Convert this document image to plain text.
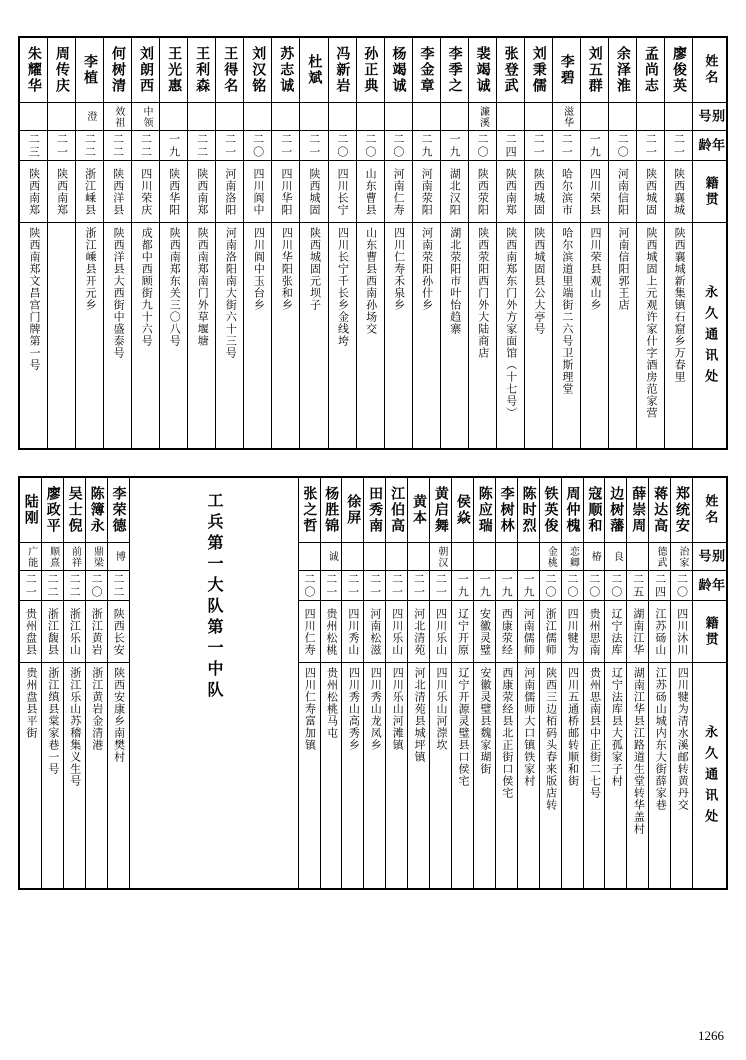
朱耀华
二三
陕西南郑
陕西南郑文昌宫门牌第一号
周传庆
二一
陕西南郑
李植
澄
二二
浙江嵊县
浙江嵊县开元乡
何树清
效祖
二二
陕西洋县
陕西洋县大西街中盛泰号
刘朗西
中领
二二
四川荣庆
成都中西顾街九十六号
王光惠
一九
陕西华阳
陕西南郑东关三〇八号
王利森
二二
陕西南郑
陕西南郑南门外草堰塘
王得名
二一
河南洛阳
河南洛阳南大街六十三号
刘汉铭
二〇
四川阆中
四川阆中玉台乡
苏志诚
二一
四川华阳
四川华阳张和乡
杜斌
二一
陕西城固
陕西城固元坝子
冯新岩
二〇
四川长宁
四川长宁千长乡金线垮
孙正典
二〇
山东曹县
山东曹县西南孙场交
杨竭诚
二〇
河南仁寿
四川仁寿禾泉乡
李金章
二九
河南荥阳
河南荥阳孙什乡
李季之
一九
湖北汉阳
湖北荥阳市叶怡趋寨
裴竭诚
濂溪
二〇
陕西荥阳
陕西荥阳西门外大陆商店
张登武
二四
陕西南郑
陕西南郑东门外方家面馆（十七号）
刘秉儒
二一
陕西城固
陕西城固县公大亭号
李碧
滋华
二一
哈尔滨市
哈尔滨道里端街二六号卫斯理堂
刘五群
一九
四川荣县
四川荣县观山乡
余泽淮
二〇
河南信阳
河南信阳郭王店
孟尚志
二一
陕西城固
陕西城固上元观许家什字酒房范家营
廖俊英
二一
陕西襄城
陕西襄城新集镇石窟乡万春里
姓名
别号
年龄
籍贯
永久通讯处
陆刚
广能
二一
贵州盘县
贵州盘县平街
廖政平
顺熹
二二
浙江馥县
浙江缜县棠家巷一号
吴士倪
前祥
二二
浙江乐山
浙江乐山苏稽集义生号
陈簿永
鼎梁
二〇
浙江黄岩
浙江黄岩金清港
李荣德
博
二二
陕西长安
陕西安康乡南樊村
工兵第一大队第一中队	张之哲
二〇
四川仁寿
四川仁寿富加镇
杨胜锦
诚
二一
贵州松桃
贵州松桃马屯
徐屏
二一
四川秀山
四川秀山高秀乡
田秀南
二一
河南松滋
四川秀山龙凤乡
江伯高
二一
四川乐山
四川乐山河滩镇
黄本
二一
河北清苑
河北清苑县城坪镇
黄启舞
朝汉
二一
四川乐山
四川乐山河漴坎
侯焱
一九
辽宁开原
辽宁开源灵璧县口侯宅
陈应瑞
一九
安徽灵璧
安徽灵璧县魏家瑚街
李树林
一九
西康荥经
西康荥经县北正街口侯宅
陈时烈
一九
河南儒师
河南儒师大口镇铁家村
铁英俊
金桃
二〇
浙江儒师
陕西三边栢码头春来版店转
周仲槐
恋卿
二〇
四川犍为
四川五通桥邮转顺和街
寇顺和
椿
二〇
贵州思南
贵州思南县中正街二七号
边树藩
良
二〇
辽宁法库
辽宁法库县大孤家子村
薛崇周
二五
湖南江华
湖南江华县江路道生堂转华盖村
蒋达高
德武
二四
江苏砀山
江苏砀山城内东大街薛家巷
郑统安
治家
二〇
四川沐川
四川犍为清水溪邮转黄丹交
姓名
别号
年龄
籍贯
永久通讯处
1266
